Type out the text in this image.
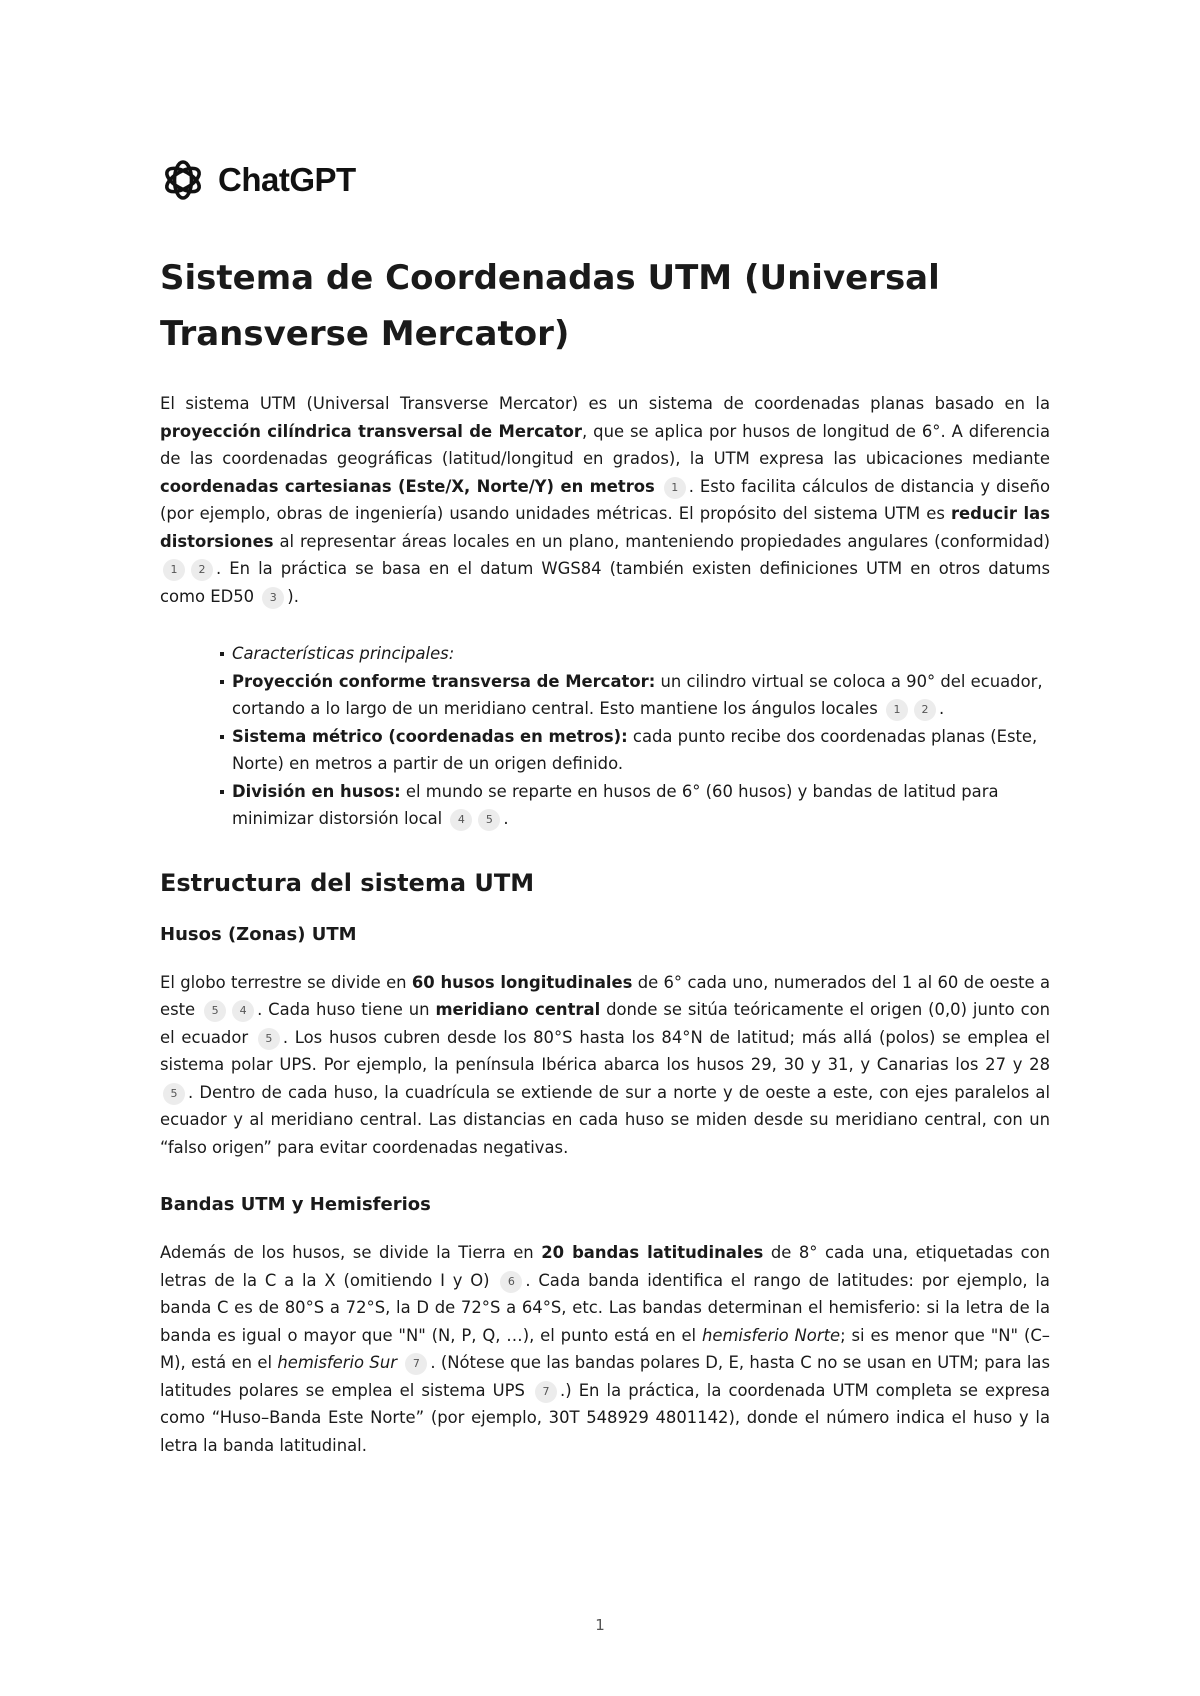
ChatGPT
Sistema de Coordenadas UTM (Universal Transverse Mercator)

El sistema UTM (Universal Transverse Mercator) es un sistema de coordenadas planas basado en la proyección cilíndrica transversal de Mercator, que se aplica por husos de longitud de 6°. A diferencia de las coordenadas geográficas (latitud/longitud en grados), la UTM expresa las ubicaciones mediante coordenadas cartesianas (Este/X, Norte/Y) en metros 1 . Esto facilita cálculos de distancia y diseño (por ejemplo, obras de ingeniería) usando unidades métricas. El propósito del sistema UTM es reducir las distorsiones al representar áreas locales en un plano, manteniendo propiedades angulares (conformidad) 1 2 . En la práctica se basa en el datum WGS84 (también existen definiciones UTM en otros datums como ED50 3 ).

Características principales:
Proyección conforme transversa de Mercator: un cilindro virtual se coloca a 90° del ecuador, cortando a lo largo de un meridiano central. Esto mantiene los ángulos locales 1 2 .
Sistema métrico (coordenadas en metros): cada punto recibe dos coordenadas planas (Este, Norte) en metros a partir de un origen definido.
División en husos: el mundo se reparte en husos de 6° (60 husos) y bandas de latitud para minimizar distorsión local 4 5 .
Estructura del sistema UTM
Husos (Zonas) UTM

El globo terrestre se divide en 60 husos longitudinales de 6° cada uno, numerados del 1 al 60 de oeste a este 5 4 . Cada huso tiene un meridiano central donde se sitúa teóricamente el origen (0,0) junto con el ecuador 5 . Los husos cubren desde los 80°S hasta los 84°N de latitud; más allá (polos) se emplea el sistema polar UPS. Por ejemplo, la península Ibérica abarca los husos 29, 30 y 31, y Canarias los 27 y 28 5 . Dentro de cada huso, la cuadrícula se extiende de sur a norte y de oeste a este, con ejes paralelos al ecuador y al meridiano central. Las distancias en cada huso se miden desde su meridiano central, con un “falso origen” para evitar coordenadas negativas.

Bandas UTM y Hemisferios

Además de los husos, se divide la Tierra en 20 bandas latitudinales de 8° cada una, etiquetadas con letras de la C a la X (omitiendo I y O) 6 . Cada banda identifica el rango de latitudes: por ejemplo, la banda C es de 80°S a 72°S, la D de 72°S a 64°S, etc. Las bandas determinan el hemisferio: si la letra de la banda es igual o mayor que "N" (N, P, Q, …), el punto está en el hemisferio Norte; si es menor que "N" (C–M), está en el hemisferio Sur 7 . (Nótese que las bandas polares D, E, hasta C no se usan en UTM; para las latitudes polares se emplea el sistema UPS 7 .) En la práctica, la coordenada UTM completa se expresa como “Huso–Banda Este Norte” (por ejemplo, 30T 548929 4801142), donde el número indica el huso y la letra la banda latitudinal.

1
